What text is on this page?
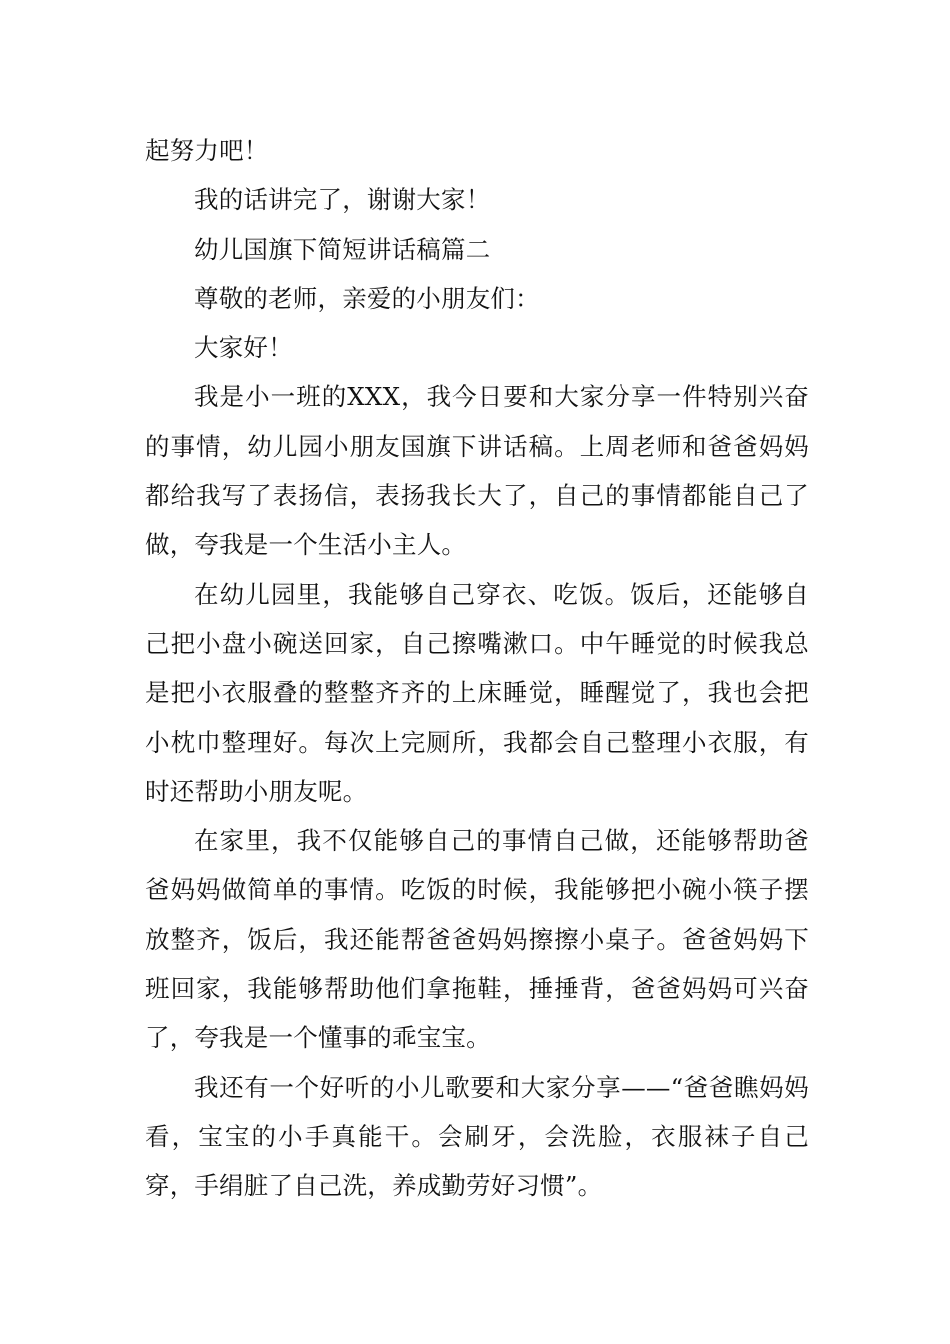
起努力吧！

我的话讲完了，谢谢大家！

幼儿国旗下简短讲话稿篇二

尊敬的老师，亲爱的小朋友们：

大家好！

我是小一班的XXX，我今日要和大家分享一件特别兴奋的事情，幼儿园小朋友国旗下讲话稿。上周老师和爸爸妈妈都给我写了表扬信，表扬我长大了，自己的事情都能自己了做，夸我是一个生活小主人。

在幼儿园里，我能够自己穿衣、吃饭。饭后，还能够自己把小盘小碗送回家，自己擦嘴漱口。中午睡觉的时候我总是把小衣服叠的整整齐齐的上床睡觉，睡醒觉了，我也会把小枕巾整理好。每次上完厕所，我都会自己整理小衣服，有时还帮助小朋友呢。

在家里，我不仅能够自己的事情自己做，还能够帮助爸爸妈妈做简单的事情。吃饭的时候，我能够把小碗小筷子摆放整齐，饭后，我还能帮爸爸妈妈擦擦小桌子。爸爸妈妈下班回家，我能够帮助他们拿拖鞋，捶捶背，爸爸妈妈可兴奋了，夸我是一个懂事的乖宝宝。

我还有一个好听的小儿歌要和大家分享——“爸爸瞧妈妈看，宝宝的小手真能干。会刷牙，会洗脸，衣服袜子自己穿，手绢脏了自己洗，养成勤劳好习惯”。
